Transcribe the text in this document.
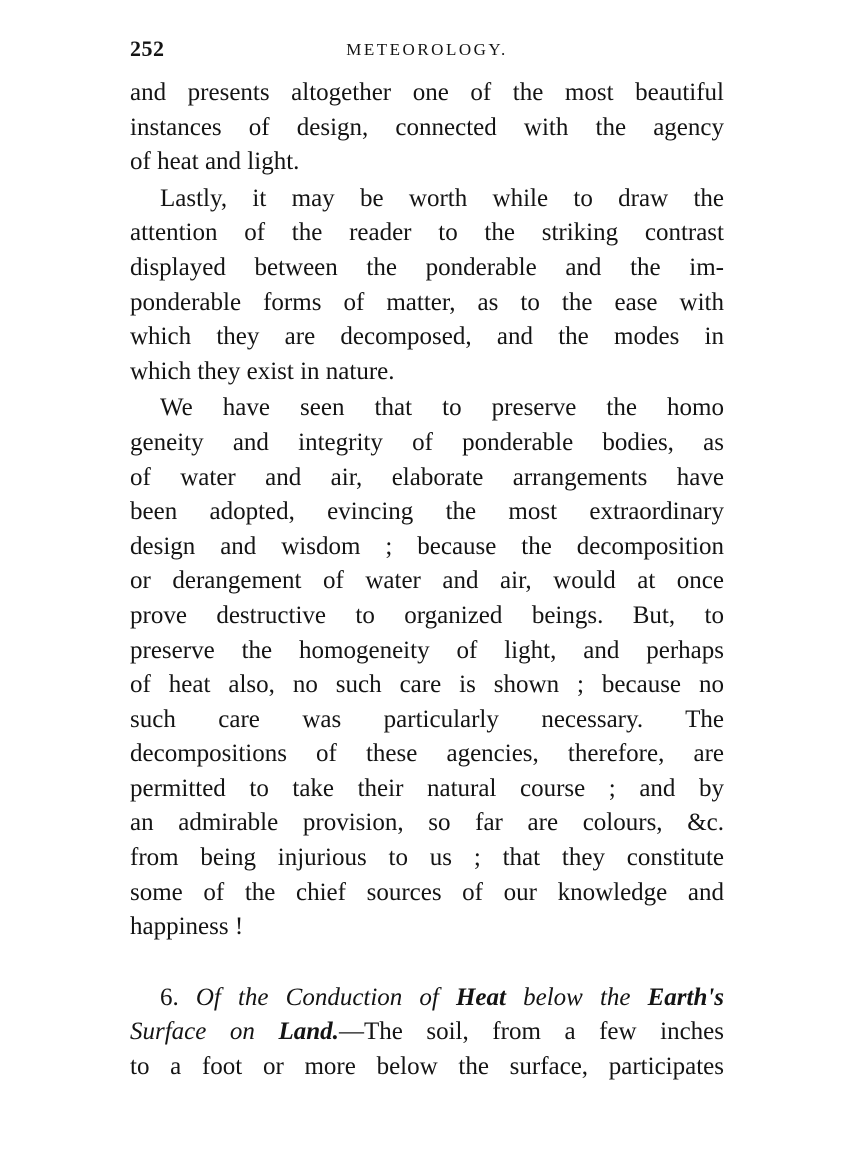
252	METEOROLOGY.
and presents altogether one of the most beautiful
instances of design, connected with the agency
of heat and light.
Lastly, it may be worth while to draw the
attention of the reader to the striking contrast
displayed between the ponderable and the im-
ponderable forms of matter, as to the ease with
which they are decomposed, and the modes in
which they exist in nature.
We have seen that to preserve the homo
geneity and integrity of ponderable bodies, as
of water and air, elaborate arrangements have
been adopted, evincing the most extraordinary
design and wisdom ; because the decomposition
or derangement of water and air, would at once
prove destructive to organized beings. But, to
preserve the homogeneity of light, and perhaps
of heat also, no such care is shown ; because no
such care was particularly necessary. The
decompositions of these agencies, therefore, are
permitted to take their natural course ; and by
an admirable provision, so far are colours, &c.
from being injurious to us ; that they constitute
some of the chief sources of our knowledge and
happiness !
6. Of the Conduction of Heat below the Earth's
Surface on Land.—The soil, from a few inches
to a foot or more below the surface, participates
